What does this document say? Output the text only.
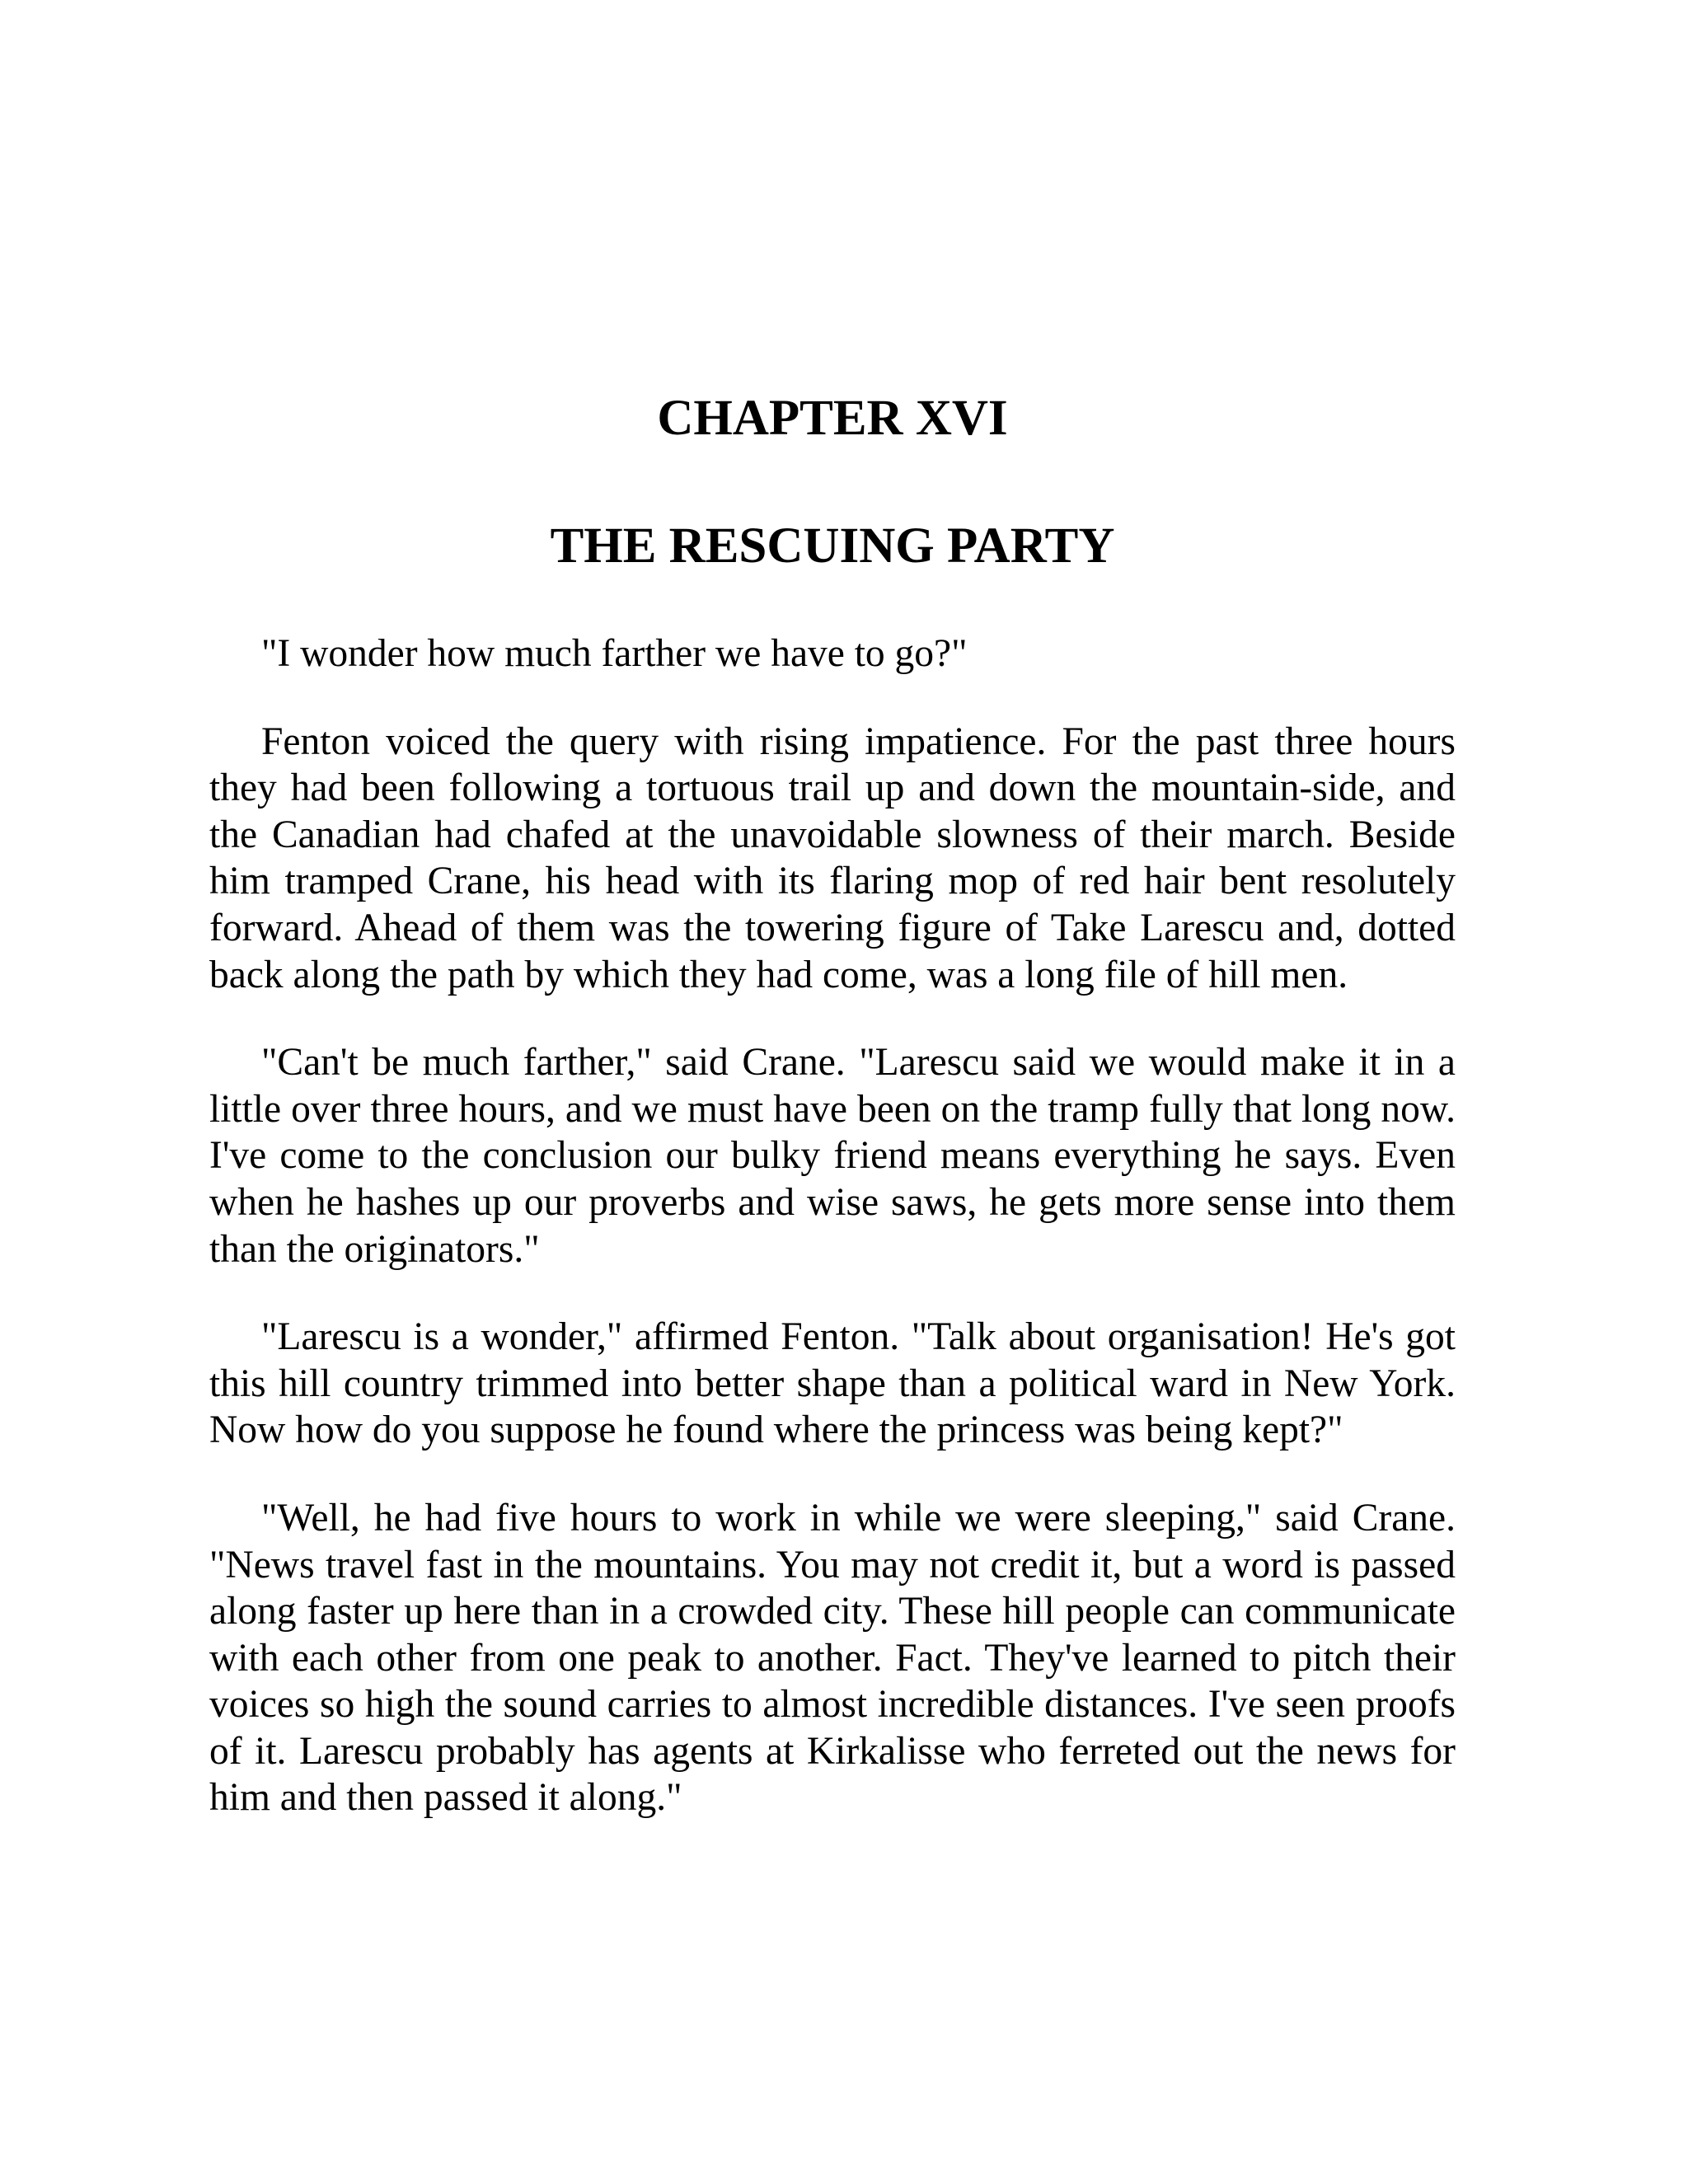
CHAPTER XVI
THE RESCUING PARTY

"I wonder how much farther we have to go?"

Fenton voiced the query with rising impatience. For the past three hours they had been following a tortuous trail up and down the mountain-side, and the Canadian had chafed at the unavoidable slowness of their march. Beside him tramped Crane, his head with its flaring mop of red hair bent resolutely forward. Ahead of them was the towering figure of Take Larescu and, dotted back along the path by which they had come, was a long file of hill men.

"Can't be much farther," said Crane. "Larescu said we would make it in a little over three hours, and we must have been on the tramp fully that long now. I've come to the conclusion our bulky friend means everything he says. Even when he hashes up our proverbs and wise saws, he gets more sense into them than the originators."

"Larescu is a wonder," affirmed Fenton. "Talk about organisation! He's got this hill country trimmed into better shape than a political ward in New York. Now how do you suppose he found where the princess was being kept?"

"Well, he had five hours to work in while we were sleeping," said Crane. "News travel fast in the mountains. You may not credit it, but a word is passed along faster up here than in a crowded city. These hill people can communicate with each other from one peak to another. Fact. They've learned to pitch their voices so high the sound carries to almost incredible distances. I've seen proofs of it. Larescu probably has agents at Kirkalisse who ferreted out the news for him and then passed it along."
